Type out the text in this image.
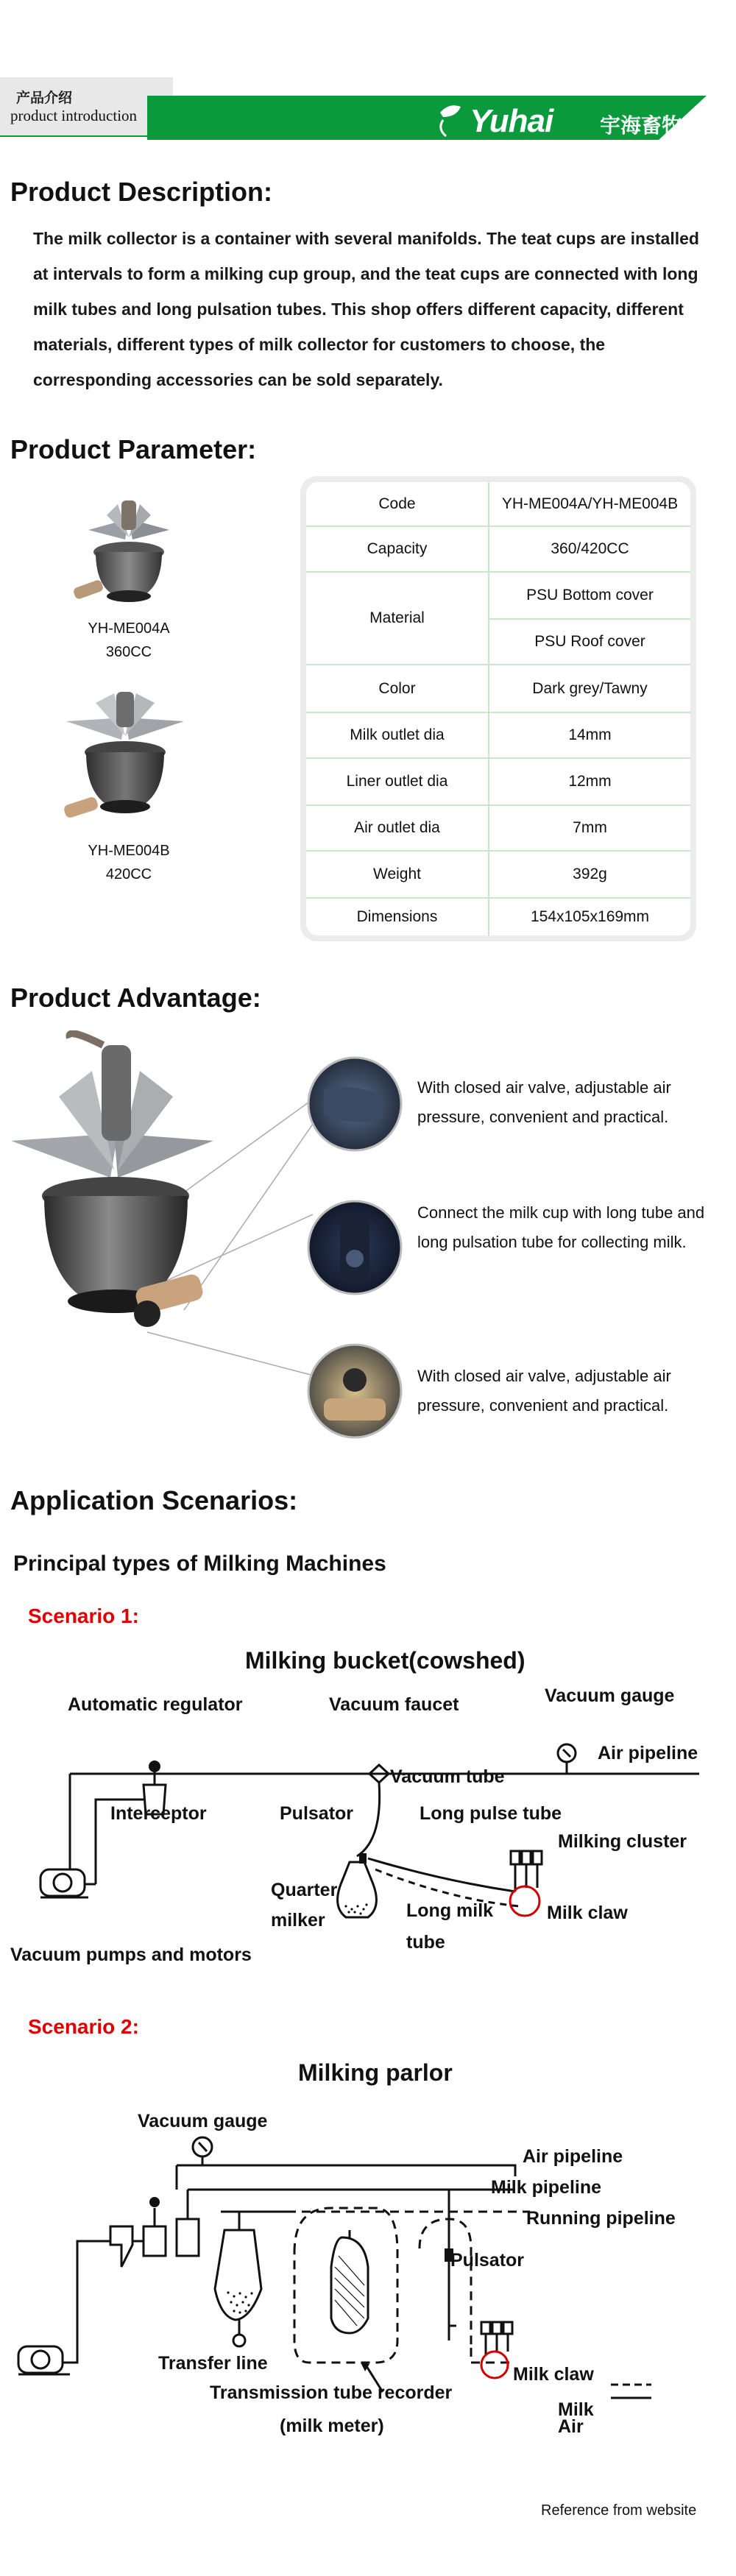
产品介绍
product introduction	Yuhai 宇海畜牧
Product Description:
The milk collector is a container with several manifolds. The teat cups are installed at intervals to form a milking cup group, and the teat cups are connected with long milk tubes and long pulsation tubes. This shop offers different capacity, different materials, different types of milk collector for customers to choose, the corresponding accessories can be sold separately.
Product Parameter:
YH-ME004A
360CC
YH-ME004B
420CC
Code	YH-ME004A/YH-ME004B
Capacity	360/420CC
Material	PSU Bottom cover
	PSU Roof cover
Color	Dark grey/Tawny
Milk outlet dia	14mm
Liner outlet dia	12mm
Air outlet dia	7mm
Weight	392g
Dimensions	154x105x169mm
Product Advantage:
With closed air valve, adjustable air pressure, convenient and practical.
Connect the milk cup with long tube and long pulsation tube for collecting milk.
With closed air valve, adjustable air pressure, convenient and practical.
Application Scenarios:
Principal types of Milking Machines
Scenario 1:
Milking bucket(cowshed)
Automatic regulator	Vacuum faucet	Vacuum gauge
Air pipeline
Vacuum tube
Interceptor	Pulsator	Long pulse tube
Milking cluster
Quarter
milker	Long milk
tube
Milk claw
Vacuum pumps and motors
Scenario 2:
Milking parlor
Vacuum gauge
Air pipeline
Milk pipeline
Running pipeline
Pulsator
Transfer line
Transmission tube recorder
(milk meter)
Milk claw
Milk
Air
Reference from website
